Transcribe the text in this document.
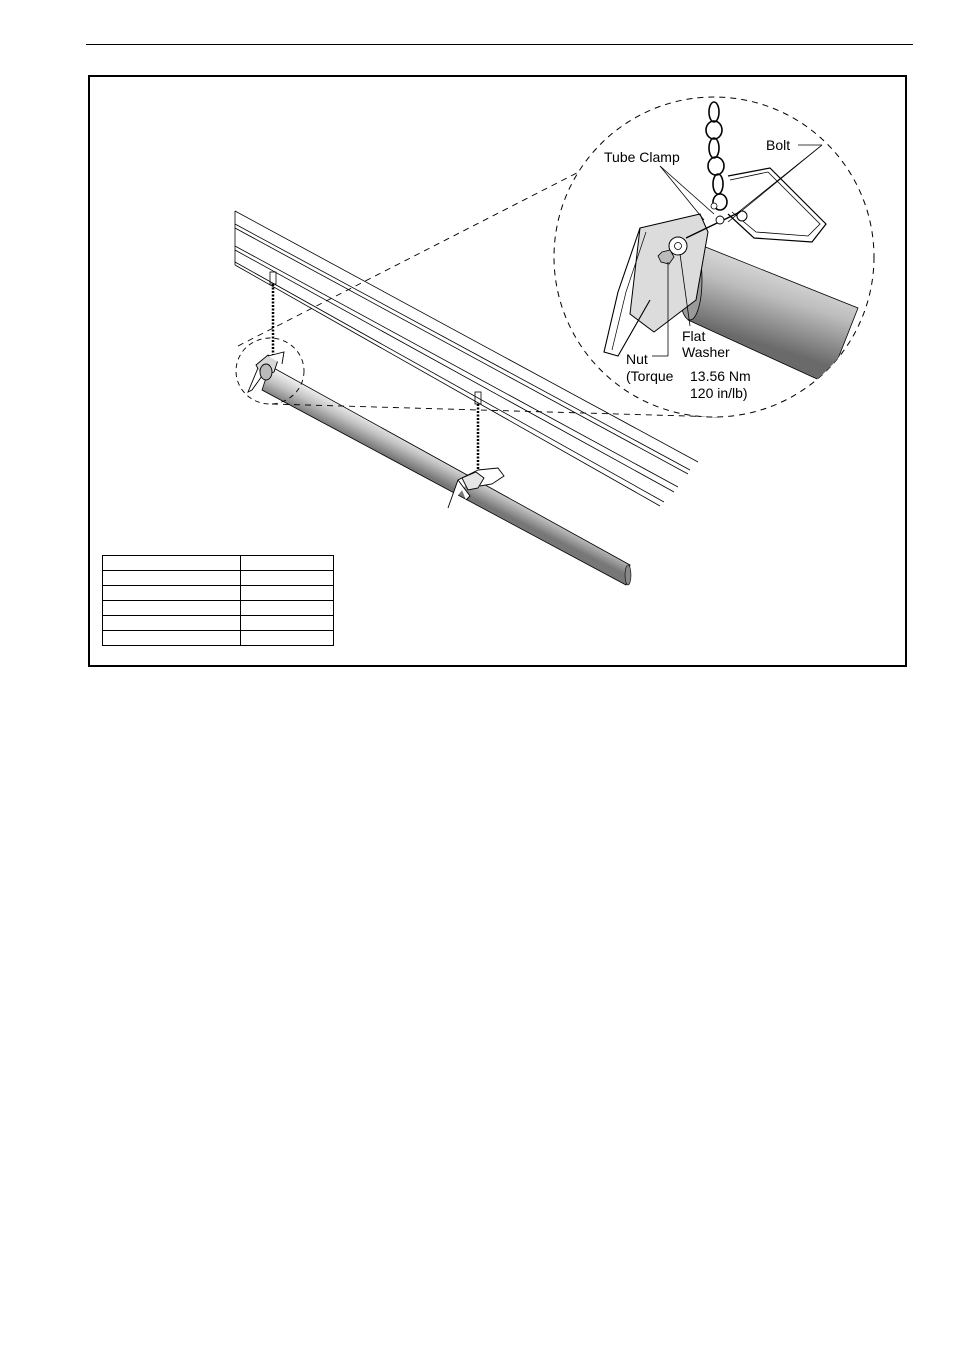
Tube Clamp
Bolt
Flat
Washer
Nut
(Torque 13.56 Nm
120 in/lb)
